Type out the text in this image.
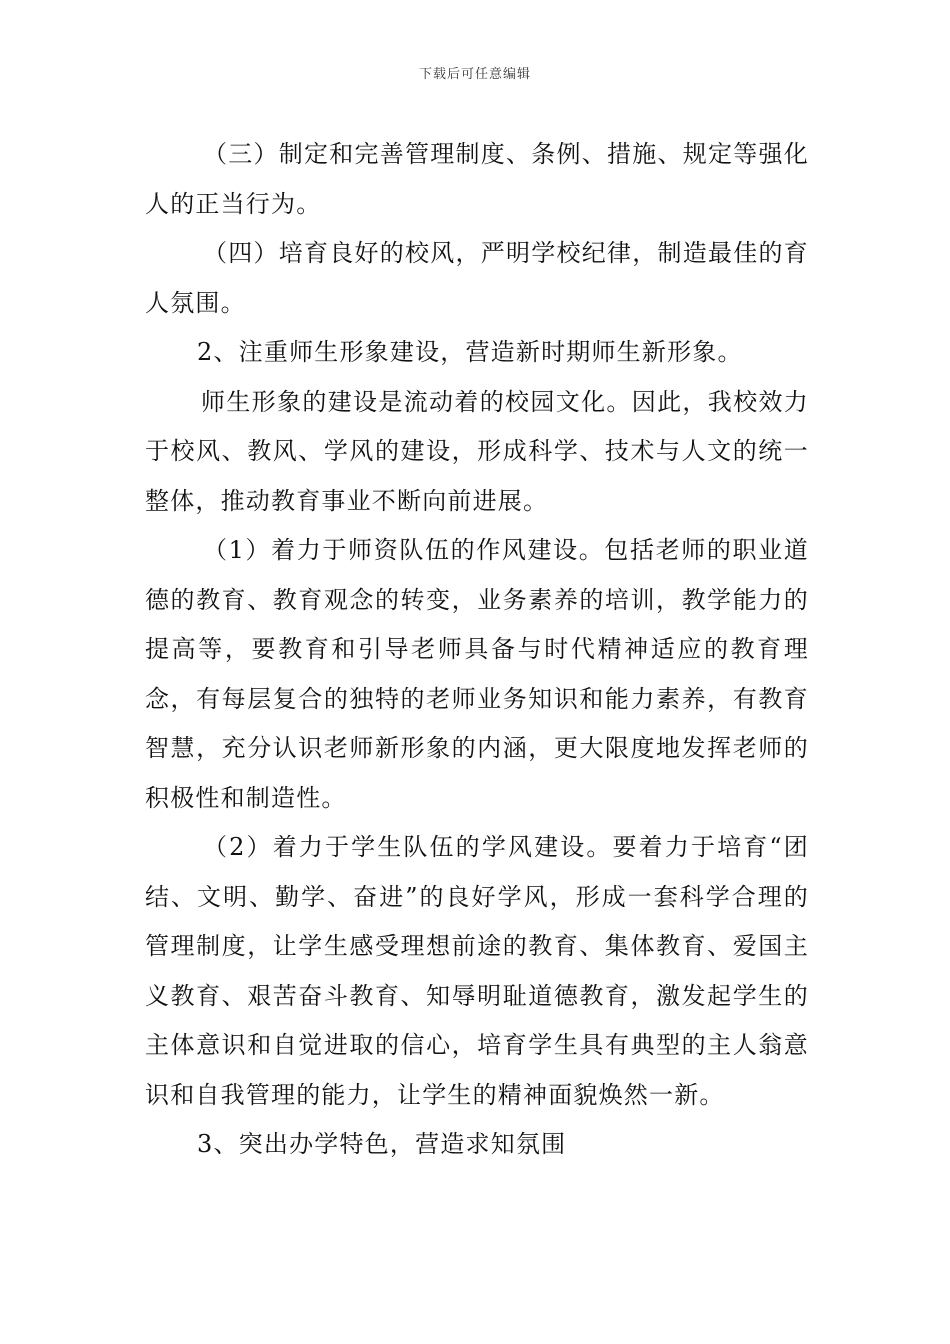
下载后可任意编辑

（三）制定和完善管理制度、条例、措施、规定等强化人的正当行为。

（四）培育良好的校风，严明学校纪律，制造最佳的育人氛围。

2、注重师生形象建设，营造新时期师生新形象。

师生形象的建设是流动着的校园文化。因此，我校效力于校风、教风、学风的建设，形成科学、技术与人文的统一整体，推动教育事业不断向前进展。

（1）着力于师资队伍的作风建设。包括老师的职业道德的教育、教育观念的转变，业务素养的培训，教学能力的提高等，要教育和引导老师具备与时代精神适应的教育理念，有每层复合的独特的老师业务知识和能力素养，有教育智慧，充分认识老师新形象的内涵，更大限度地发挥老师的积极性和制造性。

（2）着力于学生队伍的学风建设。要着力于培育“团结、文明、勤学、奋进”的良好学风，形成一套科学合理的管理制度，让学生感受理想前途的教育、集体教育、爱国主义教育、艰苦奋斗教育、知辱明耻道德教育，激发起学生的主体意识和自觉进取的信心，培育学生具有典型的主人翁意识和自我管理的能力，让学生的精神面貌焕然一新。

3、突出办学特色，营造求知氛围
